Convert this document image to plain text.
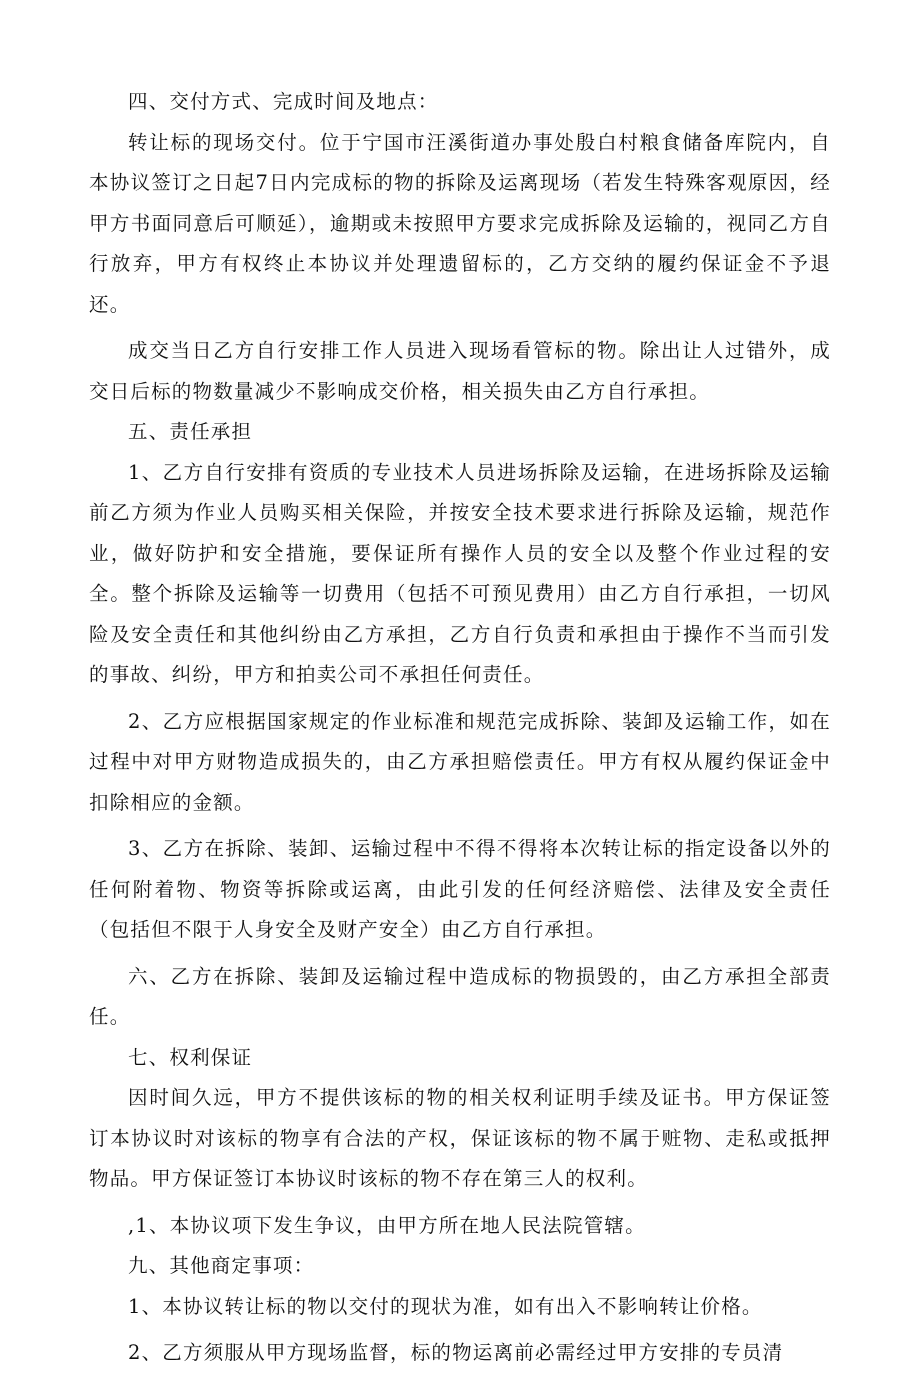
四、交付方式、完成时间及地点：

转让标的现场交付。位于宁国市汪溪街道办事处殷白村粮食储备库院内，自本协议签订之日起7日内完成标的物的拆除及运离现场（若发生特殊客观原因，经甲方书面同意后可顺延），逾期或未按照甲方要求完成拆除及运输的，视同乙方自行放弃，甲方有权终止本协议并处理遗留标的，乙方交纳的履约保证金不予退还。

成交当日乙方自行安排工作人员进入现场看管标的物。除出让人过错外，成交日后标的物数量减少不影响成交价格，相关损失由乙方自行承担。

五、责任承担

1、乙方自行安排有资质的专业技术人员进场拆除及运输，在进场拆除及运输前乙方须为作业人员购买相关保险，并按安全技术要求进行拆除及运输，规范作业，做好防护和安全措施，要保证所有操作人员的安全以及整个作业过程的安全。整个拆除及运输等一切费用（包括不可预见费用）由乙方自行承担，一切风险及安全责任和其他纠纷由乙方承担，乙方自行负责和承担由于操作不当而引发的事故、纠纷，甲方和拍卖公司不承担任何责任。

2、乙方应根据国家规定的作业标准和规范完成拆除、装卸及运输工作，如在过程中对甲方财物造成损失的，由乙方承担赔偿责任。甲方有权从履约保证金中扣除相应的金额。

3、乙方在拆除、装卸、运输过程中不得不得将本次转让标的指定设备以外的任何附着物、物资等拆除或运离，由此引发的任何经济赔偿、法律及安全责任（包括但不限于人身安全及财产安全）由乙方自行承担。

六、乙方在拆除、装卸及运输过程中造成标的物损毁的，由乙方承担全部责任。

七、权利保证

因时间久远，甲方不提供该标的物的相关权利证明手续及证书。甲方保证签订本协议时对该标的物享有合法的产权，保证该标的物不属于赃物、走私或抵押物品。甲方保证签订本协议时该标的物不存在第三人的权利。

,1、本协议项下发生争议，由甲方所在地人民法院管辖。

九、其他商定事项：

1、本协议转让标的物以交付的现状为准，如有出入不影响转让价格。

2、乙方须服从甲方现场监督，标的物运离前必需经过甲方安排的专员清
